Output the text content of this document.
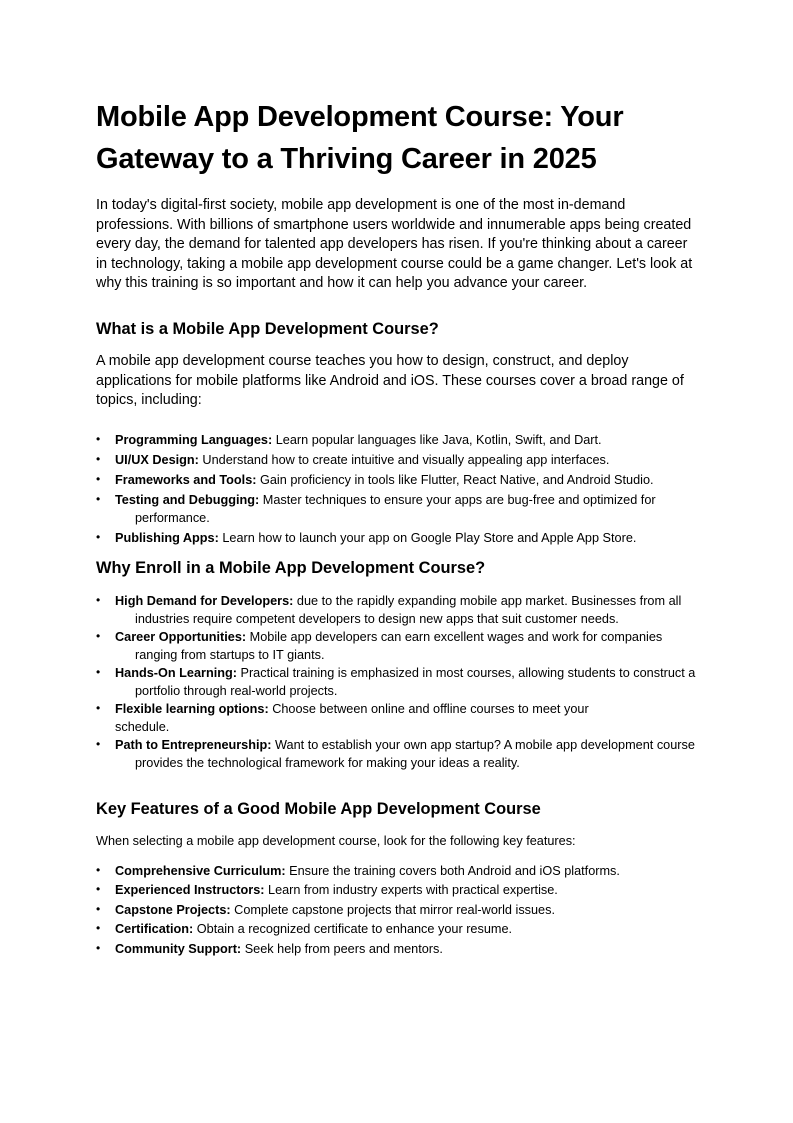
Mobile App Development Course: Your Gateway to a Thriving Career in 2025

In today's digital-first society, mobile app development is one of the most in-demand professions. With billions of smartphone users worldwide and innumerable apps being created every day, the demand for talented app developers has risen. If you're thinking about a career in technology, taking a mobile app development course could be a game changer. Let's look at why this training is so important and how it can help you advance your career.

What is a Mobile App Development Course?

A mobile app development course teaches you how to design, construct, and deploy applications for mobile platforms like Android and iOS. These courses cover a broad range of topics, including:

• Programming Languages: Learn popular languages like Java, Kotlin, Swift, and Dart.
• UI/UX Design: Understand how to create intuitive and visually appealing app interfaces.
• Frameworks and Tools: Gain proficiency in tools like Flutter, React Native, and Android Studio.
• Testing and Debugging: Master techniques to ensure your apps are bug-free and optimized for performance.
• Publishing Apps: Learn how to launch your app on Google Play Store and Apple App Store.
Why Enroll in a Mobile App Development Course?
• High Demand for Developers: due to the rapidly expanding mobile app market. Businesses from all industries require competent developers to design new apps that suit customer needs.
• Career Opportunities: Mobile app developers can earn excellent wages and work for companies ranging from startups to IT giants.
• Hands-On Learning: Practical training is emphasized in most courses, allowing students to construct a portfolio through real-world projects.
• Flexible learning options: Choose between online and offline courses to meet your schedule.
• Path to Entrepreneurship: Want to establish your own app startup? A mobile app development course provides the technological framework for making your ideas a reality.
Key Features of a Good Mobile App Development Course

When selecting a mobile app development course, look for the following key features:

• Comprehensive Curriculum: Ensure the training covers both Android and iOS platforms.
• Experienced Instructors: Learn from industry experts with practical expertise.
• Capstone Projects: Complete capstone projects that mirror real-world issues.
• Certification: Obtain a recognized certificate to enhance your resume.
• Community Support: Seek help from peers and mentors.
